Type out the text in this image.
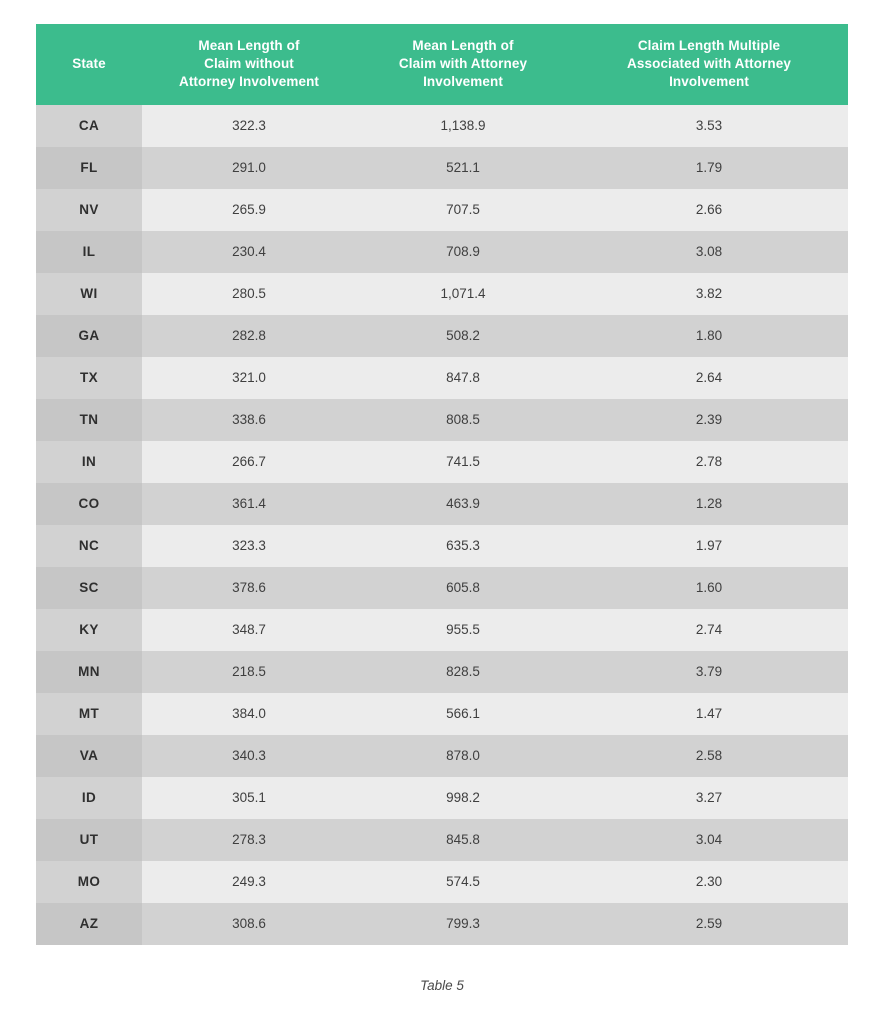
State	Mean Length of
Claim without
Attorney Involvement	Mean Length of
Claim with Attorney
Involvement	Claim Length Multiple
Associated with Attorney
Involvement
CA	322.3	1,138.9	3.53
FL	291.0	521.1	1.79
NV	265.9	707.5	2.66
IL	230.4	708.9	3.08
WI	280.5	1,071.4	3.82
GA	282.8	508.2	1.80
TX	321.0	847.8	2.64
TN	338.6	808.5	2.39
IN	266.7	741.5	2.78
CO	361.4	463.9	1.28
NC	323.3	635.3	1.97
SC	378.6	605.8	1.60
KY	348.7	955.5	2.74
MN	218.5	828.5	3.79
MT	384.0	566.1	1.47
VA	340.3	878.0	2.58
ID	305.1	998.2	3.27
UT	278.3	845.8	3.04
MO	249.3	574.5	2.30
AZ	308.6	799.3	2.59
Table 5
